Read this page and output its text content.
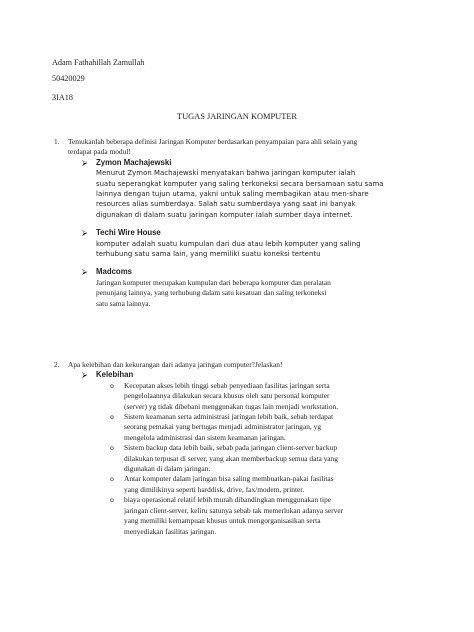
Adam Fathahillah Zamullah
50420029
3IA18
TUGAS JARINGAN KOMPUTER
1. Temukanlah beberapa definisi Jaringan Komputer berdasarkan penyampaian para ahli selain yang
terdapat pada modul!
⮚ Zymon Machajewski
Menurut Zymon Machajewski menyatakan bahwa jaringan komputer ialah
suatu seperangkat komputer yang saling terkoneksi secara bersamaan satu sama
lainnya dengan tujun utama, yakni untuk saling membagikan atau men-share
resources alias sumberdaya. Salah satu sumberdaya yang saat ini banyak
digunakan di dalam suatu jaringan komputer ialah sumber daya internet.
⮚ Techi Wire House
komputer adalah suatu kumpulan dari dua atau lebih komputer yang saling
terhubung satu sama lain, yang memiliki suatu koneksi tertentu
⮚ Madcoms
Jaringan komputer merupakan kumpulan dari beberapa komputer dan peralatan
penunjang lainnya, yang terhubung dalam satu kesatuan dan saling terkoneksi
satu sama lainnya.
2. Apa kelebihan dan kekurangan dari adanya jaringan computer?Jelaskan!
⮚ Kelebihan
o Kecepatan akses lebih tinggi sebab penyediaan fasilitas jaringan serta
pengelolaannya dilakukan secara khusus oleh satu personal komputer
(server) yg tidak dibebani menggunakan tugas lain menjadi workstation.
o Sistem keamanan serta administrasi jaringan lebih baik, sebab terdapat
seorang pemakai yang bertugas menjadi administrator jaringan, yg
mengelola administrasi dan sistem keamanan jaringan.
o Sistem backup data lebih baik, sebab pada jaringan client-server backup
dilakukan terpusat di server, yang akan memberbackup semua data yang
digunakan di dalam jaringan.
o Antar komputer dalam jaringan bisa saling membuatkan-pakai fasilitas
yang dimilikinya seperti harddisk, drive, fax/modem, printer.
o biaya operasional relatif lebih murah dibandingkan menggunakan tipe
jaringan client-server, keliru satunya sebab tak memerlukan adanya server
yang memiliki kemampuan khusus untuk mengorganisasikan serta
menyediakan fasilitas jaringan.
